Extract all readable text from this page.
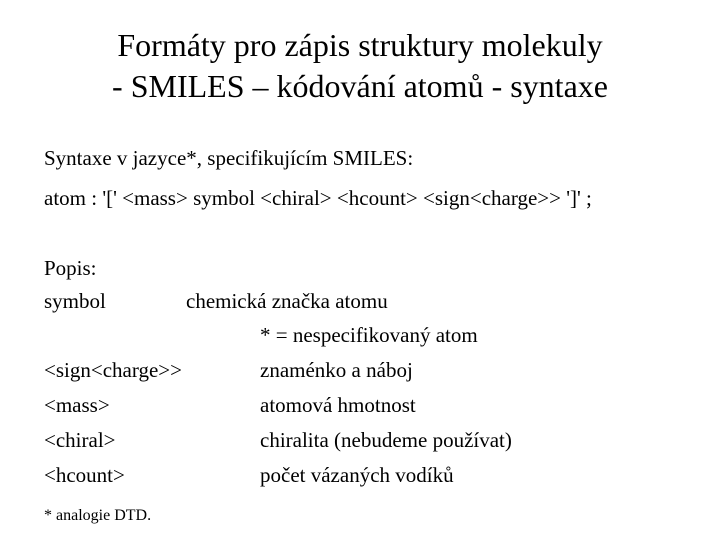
Formáty pro zápis struktury molekuly
- SMILES – kódování atomů - syntaxe
Syntaxe v jazyce*, specifikujícím SMILES:
atom : '[' <mass> symbol <chiral> <hcount> <sign<charge>> ']' ;
Popis:
symbol	chemická značka atomu
* = nespecifikovaný atom
<sign<charge>>	znaménko a náboj
<mass>	atomová hmotnost
<chiral>	chiralita (nebudeme používat)
<hcount>	počet vázaných vodíků
* analogie DTD.
